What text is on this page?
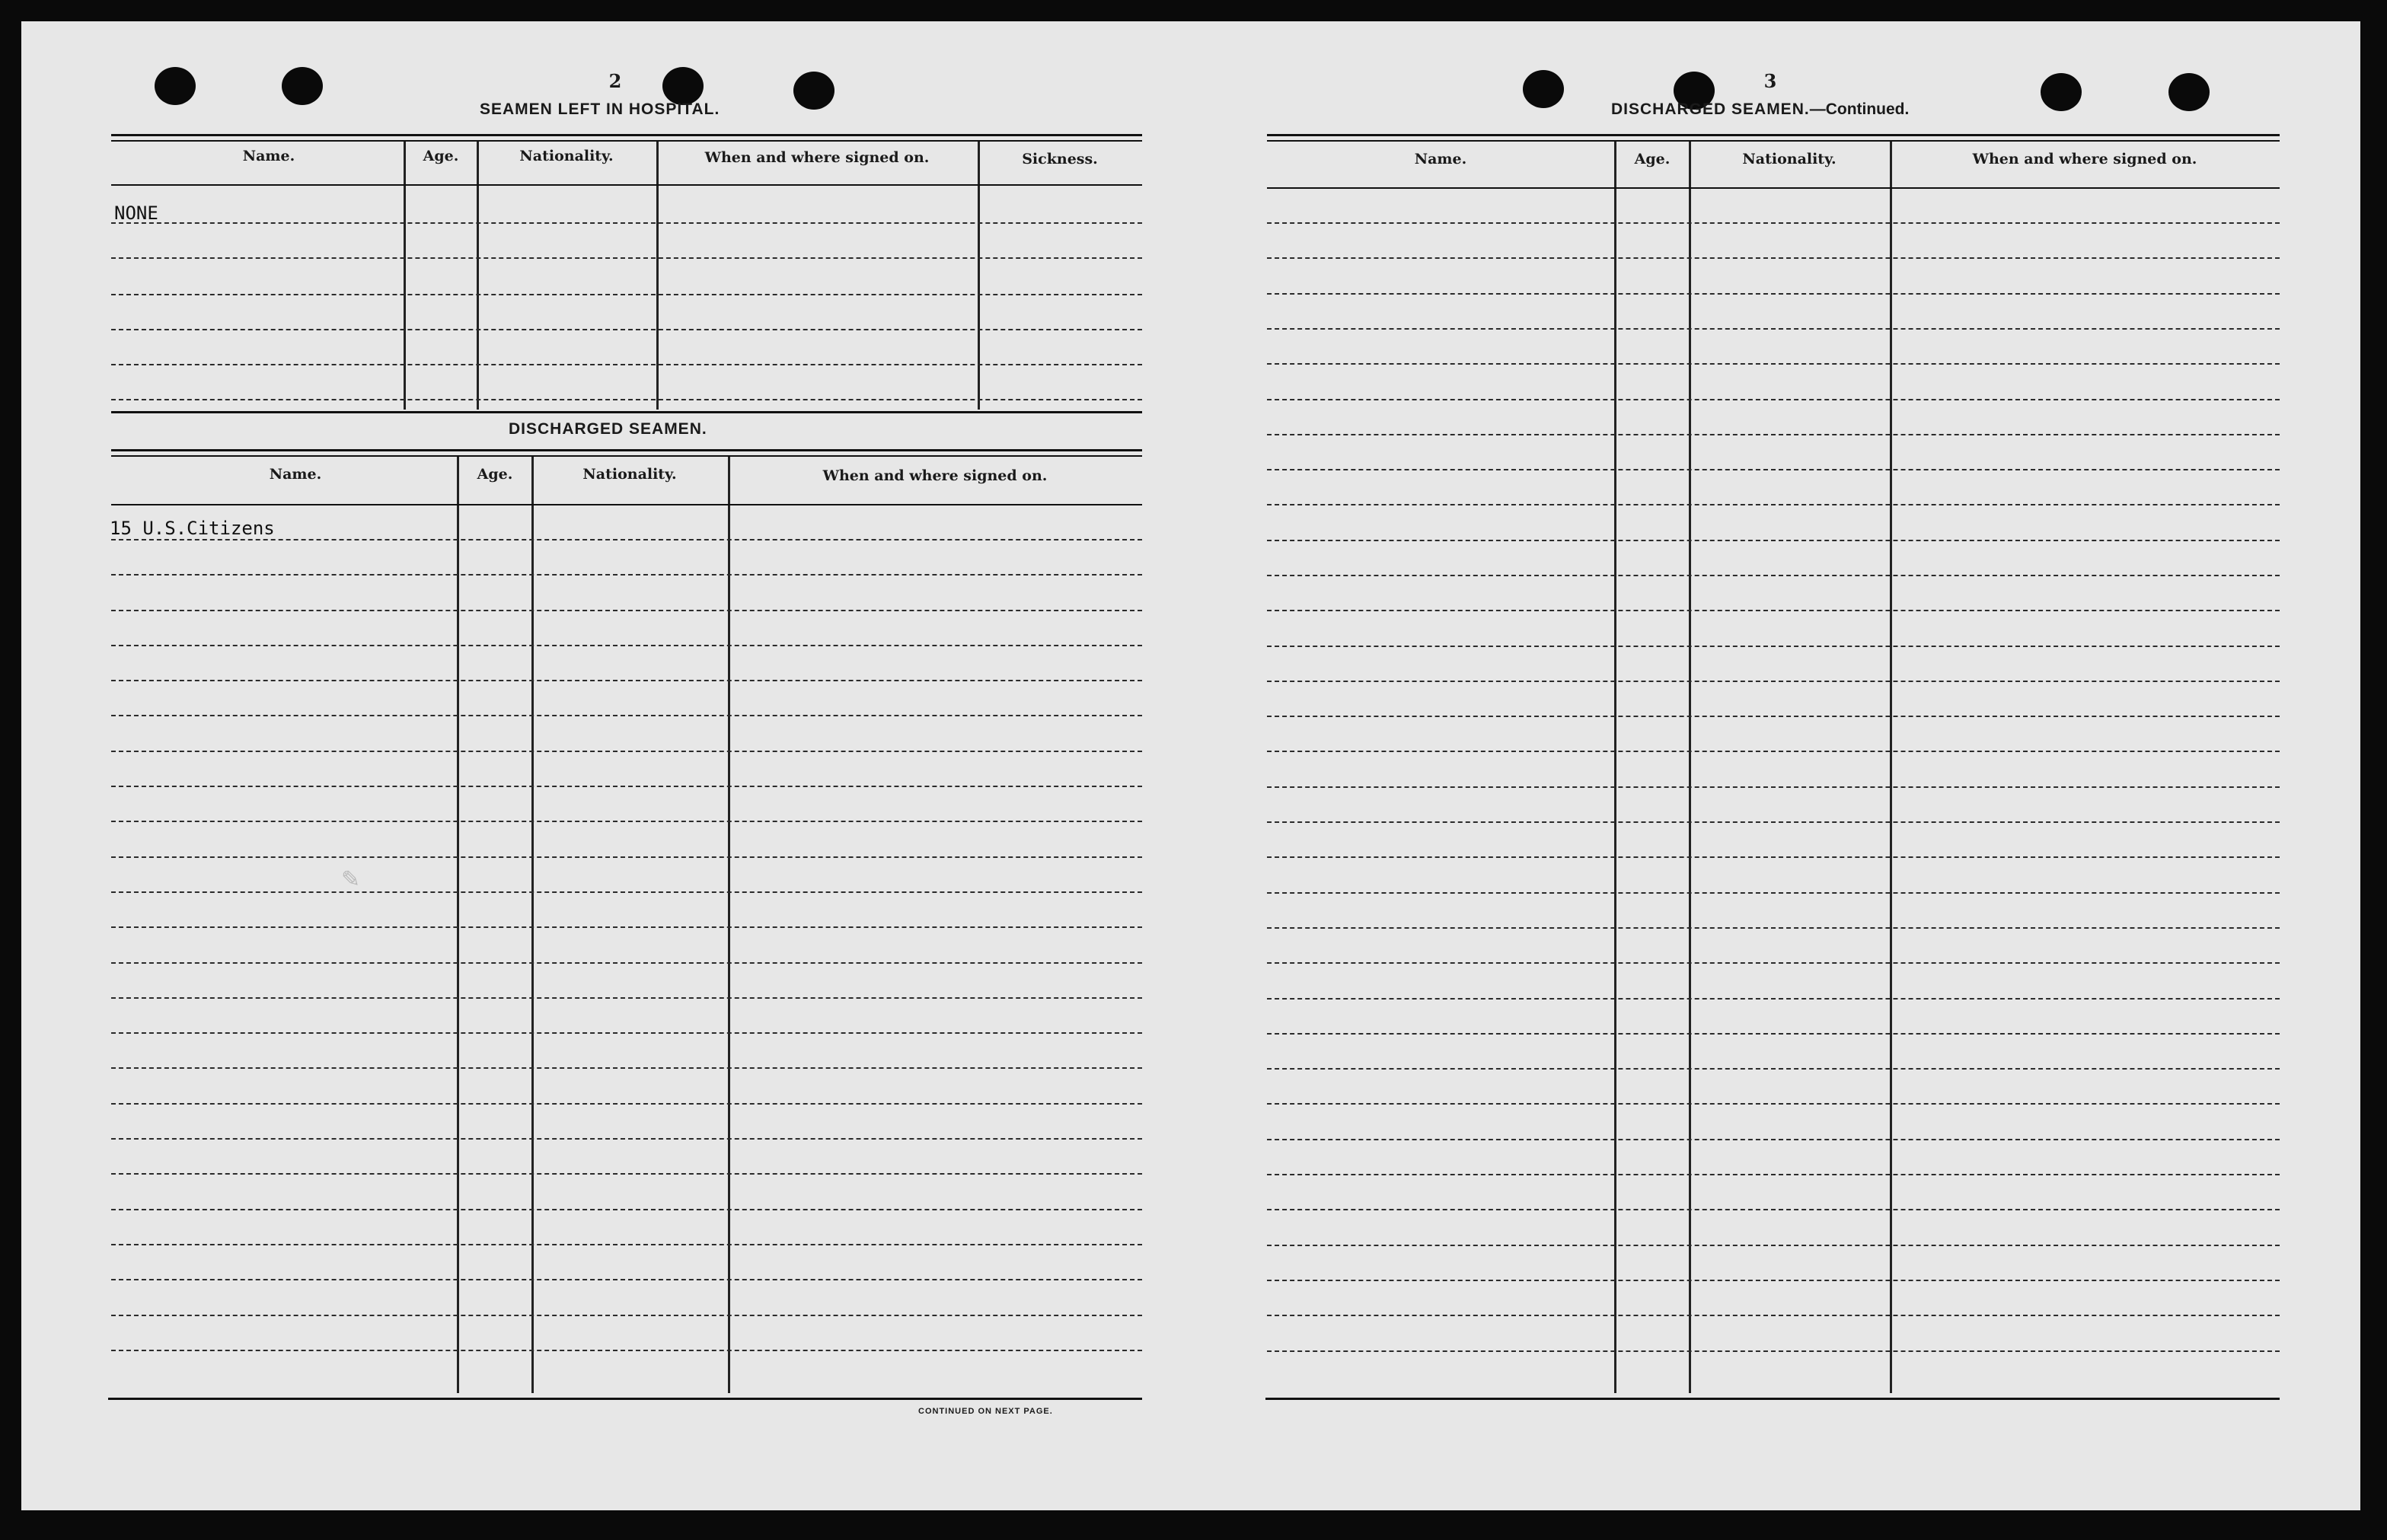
2
SEAMEN LEFT IN HOSPITAL.
Name.	Age.	Nationality.	When and where signed on.	Sickness.
NONE
DISCHARGED SEAMEN.
Name.	Age.	Nationality.	When and where signed on.
15 U.S.Citizens
CONTINUED ON NEXT PAGE.
✎
3
DISCHARGED SEAMEN.—Continued.
Name.	Age.	Nationality.	When and where signed on.
